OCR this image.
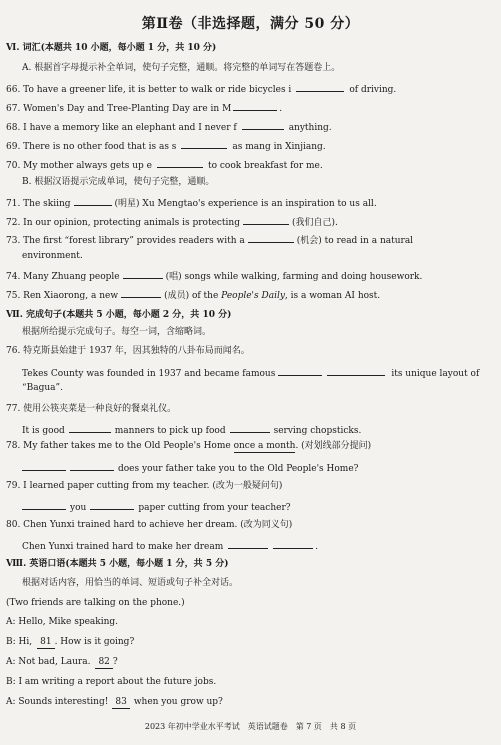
第Ⅱ卷（非选择题，满分 50 分）
Ⅵ. 词汇(本题共 10 小题，每小题 1 分，共 10 分)
A. 根据首字母提示补全单词，使句子完整，通顺。将完整的单词写在答题卷上。
66. To have a greener life, it is better to walk or ride bicycles i	of driving.
67. Women's Day and Tree-Planting Day are in M	.
68. I have a memory like an elephant and I never f	anything.
69. There is no other food that is as s	as mang in Xinjiang.
70. My mother always gets up e	to cook breakfast for me.
B. 根据汉语提示完成单词，使句子完整，通顺。
71. The skiing	(明星) Xu Mengtao's experience is an inspiration to us all.
72. In our opinion, protecting animals is protecting	(我们自己).
73. The first “forest library” provides readers with a	(机会) to read in a natural
environment.
74. Many Zhuang people	(唱) songs while walking, farming and doing housework.
75. Ren Xiaorong, a new	(成员) of the People's Daily, is a woman AI host.
Ⅶ. 完成句子(本题共 5 小题，每小题 2 分，共 10 分)
根据所给提示完成句子。每空一词，含缩略词。
76. 特克斯县始建于 1937 年，因其独特的八卦布局而闻名。
Tekes County was founded in 1937 and became famous	its unique layout of
“Bagua”.
77. 使用公筷夹菜是一种良好的餐桌礼仪。
It is good	manners to pick up food	serving chopsticks.
78. My father takes me to the Old People's Home once a month. (对划线部分提问)
does your father take you to the Old People's Home?
79. I learned paper cutting from my teacher. (改为一般疑问句)
you	paper cutting from your teacher?
80. Chen Yunxi trained hard to achieve her dream. (改为同义句)
Chen Yunxi trained hard to make her dream	.
Ⅷ. 英语口语(本题共 5 小题，每小题 1 分，共 5 分)
根据对话内容，用恰当的单词、短语或句子补全对话。
(Two friends are talking on the phone.)
A: Hello, Mike speaking.
B: Hi, 81 . How is it going?
A: Not bad, Laura. 82 ?
B: I am writing a report about the future jobs.
A: Sounds interesting! 83 when you grow up?
2023 年初中学业水平考试　英语试题卷　第 7 页　共 8 页
